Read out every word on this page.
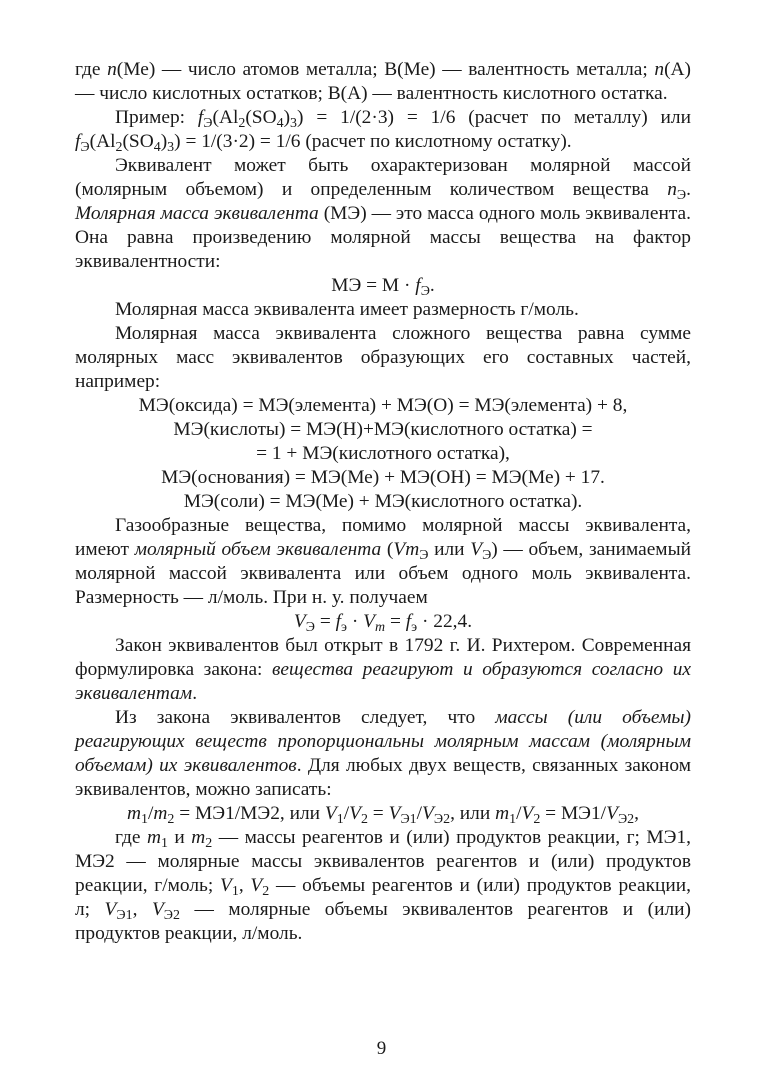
где n(Ме) — число атомов металла; В(Ме) — валентность металла; n(А) — число кислотных остатков; В(А) — валентность кислотного остатка.

Пример: $f_Э(Al_2(SO_4)_3) = 1/(2\cdot 3) = 1/6$ (расчет по металлу) или $f_Э(Al_2(SO_4)_3) = 1/(3\cdot 2) = 1/6$ (расчет по кислотному остатку).

Эквивалент может быть охарактеризован молярной массой (молярным объемом) и определенным количеством вещества $n_Э$. Молярная масса эквивалента (МЭ) — это масса одного моль эквивалента. Она равна произведению молярной массы вещества на фактор эквивалентности:

МЭ = $М \cdot f_Э$.

Молярная масса эквивалента имеет размерность г/моль.

Молярная масса эквивалента сложного вещества равна сумме молярных масс эквивалентов образующих его составных частей, например:

МЭ(оксида) = МЭ(элемента) + МЭ(О) = МЭ(элемента) + 8,

МЭ(кислоты) = МЭ(Н)+МЭ(кислотного остатка) =

= 1 + МЭ(кислотного остатка),

МЭ(основания) = МЭ(Ме) + МЭ(ОН) = МЭ(Ме) + 17.

МЭ(соли) = МЭ(Ме) + МЭ(кислотного остатка).

Газообразные вещества, помимо молярной массы эквивалента, имеют молярный объем эквивалента ($Vm_Э$ или $V_Э$) — объем, занимаемый молярной массой эквивалента или объем одного моль эквивалента. Размерность — л/моль. При н. у. получаем

$V_Э = f_э \cdot V_m = f_э \cdot 22,4$.

Закон эквивалентов был открыт в 1792 г. И. Рихтером. Современная формулировка закона: вещества реагируют и образуются согласно их эквивалентам.

Из закона эквивалентов следует, что массы (или объемы) реагирующих веществ пропорциональны молярным массам (молярным объемам) их эквивалентов. Для любых двух веществ, связанных законом эквивалентов, можно записать:

$m_1/m_2 = МЭ1/МЭ2$, или $V_1/V_2 = V_{Э1}/V_{Э2}$, или $m_1/V_2 = МЭ1/V_{Э2}$,

где $m_1$ и $m_2$ — массы реагентов и (или) продуктов реакции, г; МЭ1, МЭ2 — молярные массы эквивалентов реагентов и (или) продуктов реакции, г/моль; $V_1$, $V_2$ — объемы реагентов и (или) продуктов реакции, л; $V_{Э1}$, $V_{Э2}$ — молярные объемы эквивалентов реагентов и (или) продуктов реакции, л/моль.

9
